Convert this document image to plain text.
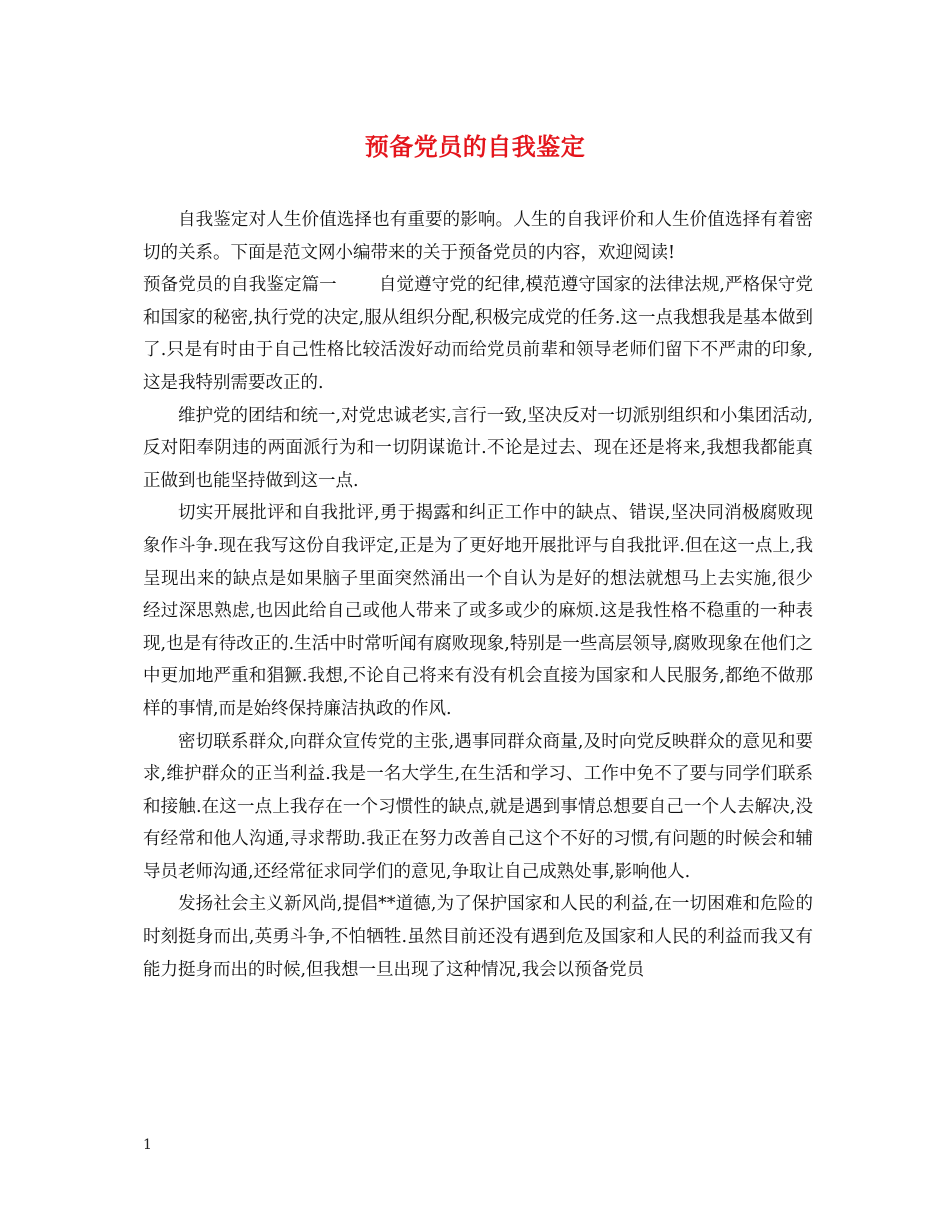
预备党员的自我鉴定

自我鉴定对人生价值选择也有重要的影响。人生的自我评价和人生价值选择有着密切的关系。下面是范文网小编带来的关于预备党员的内容，欢迎阅读!

预备党员的自我鉴定篇一 自觉遵守党的纪律,模范遵守国家的法律法规,严格保守党和国家的秘密,执行党的决定,服从组织分配,积极完成党的任务.这一点我想我是基本做到了.只是有时由于自己性格比较活泼好动而给党员前辈和领导老师们留下不严肃的印象,这是我特别需要改正的.

维护党的团结和统一,对党忠诚老实,言行一致,坚决反对一切派别组织和小集团活动,反对阳奉阴违的两面派行为和一切阴谋诡计.不论是过去、现在还是将来,我想我都能真正做到也能坚持做到这一点.

切实开展批评和自我批评,勇于揭露和纠正工作中的缺点、错误,坚决同消极腐败现象作斗争.现在我写这份自我评定,正是为了更好地开展批评与自我批评.但在这一点上,我呈现出来的缺点是如果脑子里面突然涌出一个自认为是好的想法就想马上去实施,很少经过深思熟虑,也因此给自己或他人带来了或多或少的麻烦.这是我性格不稳重的一种表现,也是有待改正的.生活中时常听闻有腐败现象,特别是一些高层领导,腐败现象在他们之中更加地严重和猖獗.我想,不论自己将来有没有机会直接为国家和人民服务,都绝不做那样的事情,而是始终保持廉洁执政的作风.

密切联系群众,向群众宣传党的主张,遇事同群众商量,及时向党反映群众的意见和要求,维护群众的正当利益.我是一名大学生,在生活和学习、工作中免不了要与同学们联系和接触.在这一点上我存在一个习惯性的缺点,就是遇到事情总想要自己一个人去解决,没有经常和他人沟通,寻求帮助.我正在努力改善自己这个不好的习惯,有问题的时候会和辅导员老师沟通,还经常征求同学们的意见,争取让自己成熟处事,影响他人.

发扬社会主义新风尚,提倡**道德,为了保护国家和人民的利益,在一切困难和危险的时刻挺身而出,英勇斗争,不怕牺牲.虽然目前还没有遇到危及国家和人民的利益而我又有能力挺身而出的时候,但我想一旦出现了这种情况,我会以预备党员

1
